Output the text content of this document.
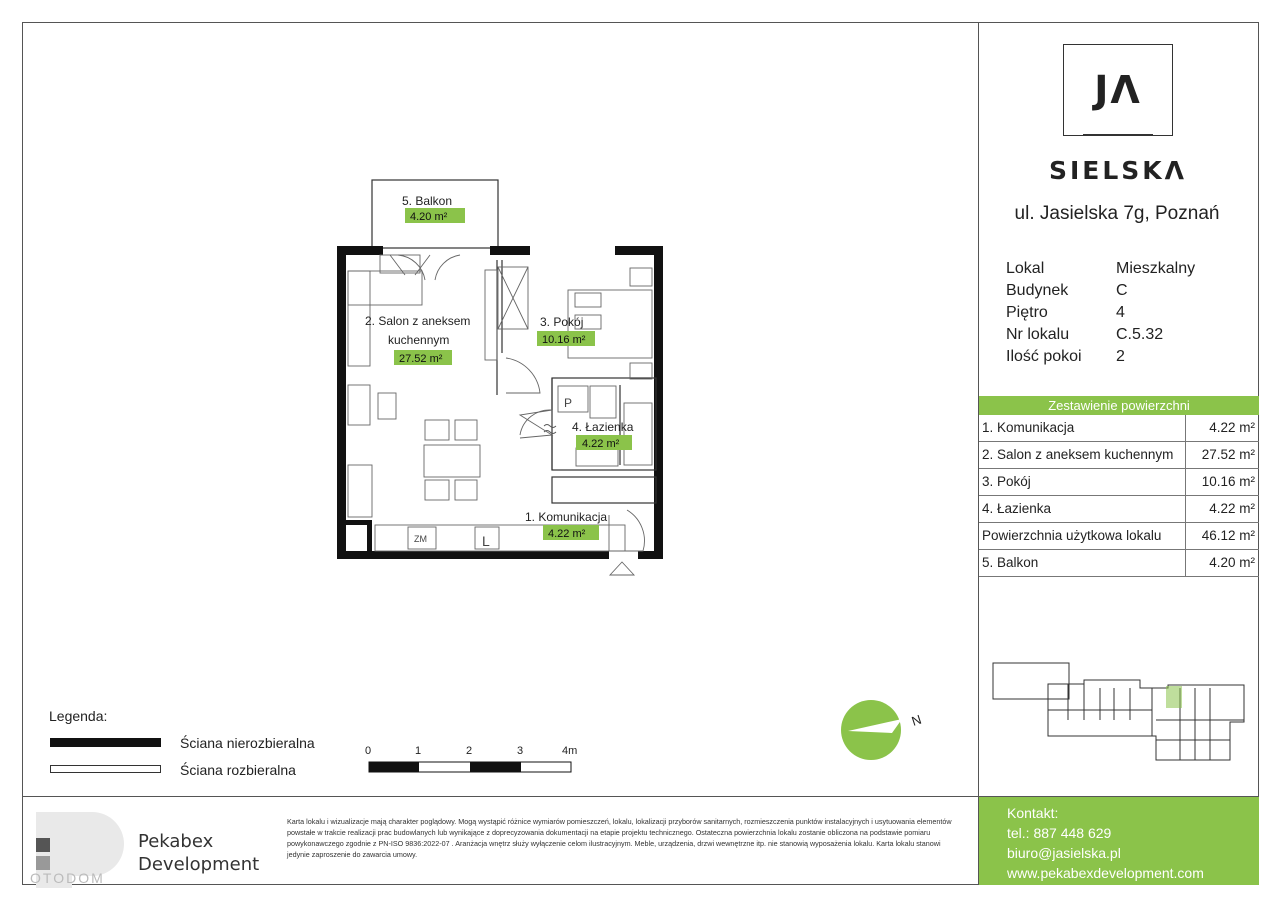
P
ZM	L
5. Balkon
4.20 m²
2. Salon z aneksem
kuchennym
27.52 m²
3. Pokój
10.16 m²
4. Łazienka
4.22 m²
1. Komunikacja
4.22 m²
JΛ
SIELSKΛ
ul. Jasielska 7g, Poznań
Lokal	Mieszkalny
Budynek	C
Piętro	4
Nr lokalu	C.5.32
Ilość pokoi	2
Zestawienie powierzchni
1. Komunikacja	4.22 m²
2. Salon z aneksem kuchennym	27.52 m²
3. Pokój	10.16 m²
4. Łazienka	4.22 m²
Powierzchnia użytkowa lokalu	46.12 m²
5. Balkon	4.20 m²
Legenda:
Ściana nierozbieralna
Ściana rozbieralna
0	1	2	3	4m
N
Pekabex
Development
Karta lokalu i wizualizacje mają charakter poglądowy. Mogą wystąpić różnice wymiarów pomieszczeń, lokalu, lokalizacji przyborów sanitarnych, rozmieszczenia punktów instalacyjnych i usytuowania elementów powstałe w trakcie realizacji prac budowlanych lub wynikające z doprecyzowania dokumentacji na etapie projektu technicznego. Ostateczna powierzchnia lokalu zostanie obliczona na podstawie pomiaru powykonawczego zgodnie z PN-ISO 9836:2022-07 . Aranżacja wnętrz służy wyłączenie celom ilustracyjnym. Meble, urządzenia, drzwi wewnętrzne itp. nie stanowią wyposażenia lokalu. Karta lokalu stanowi jedynie zaproszenie do zawarcia umowy.
Kontakt:
tel.: 887 448 629
biuro@jasielska.pl
www.pekabexdevelopment.com
OTODOM
